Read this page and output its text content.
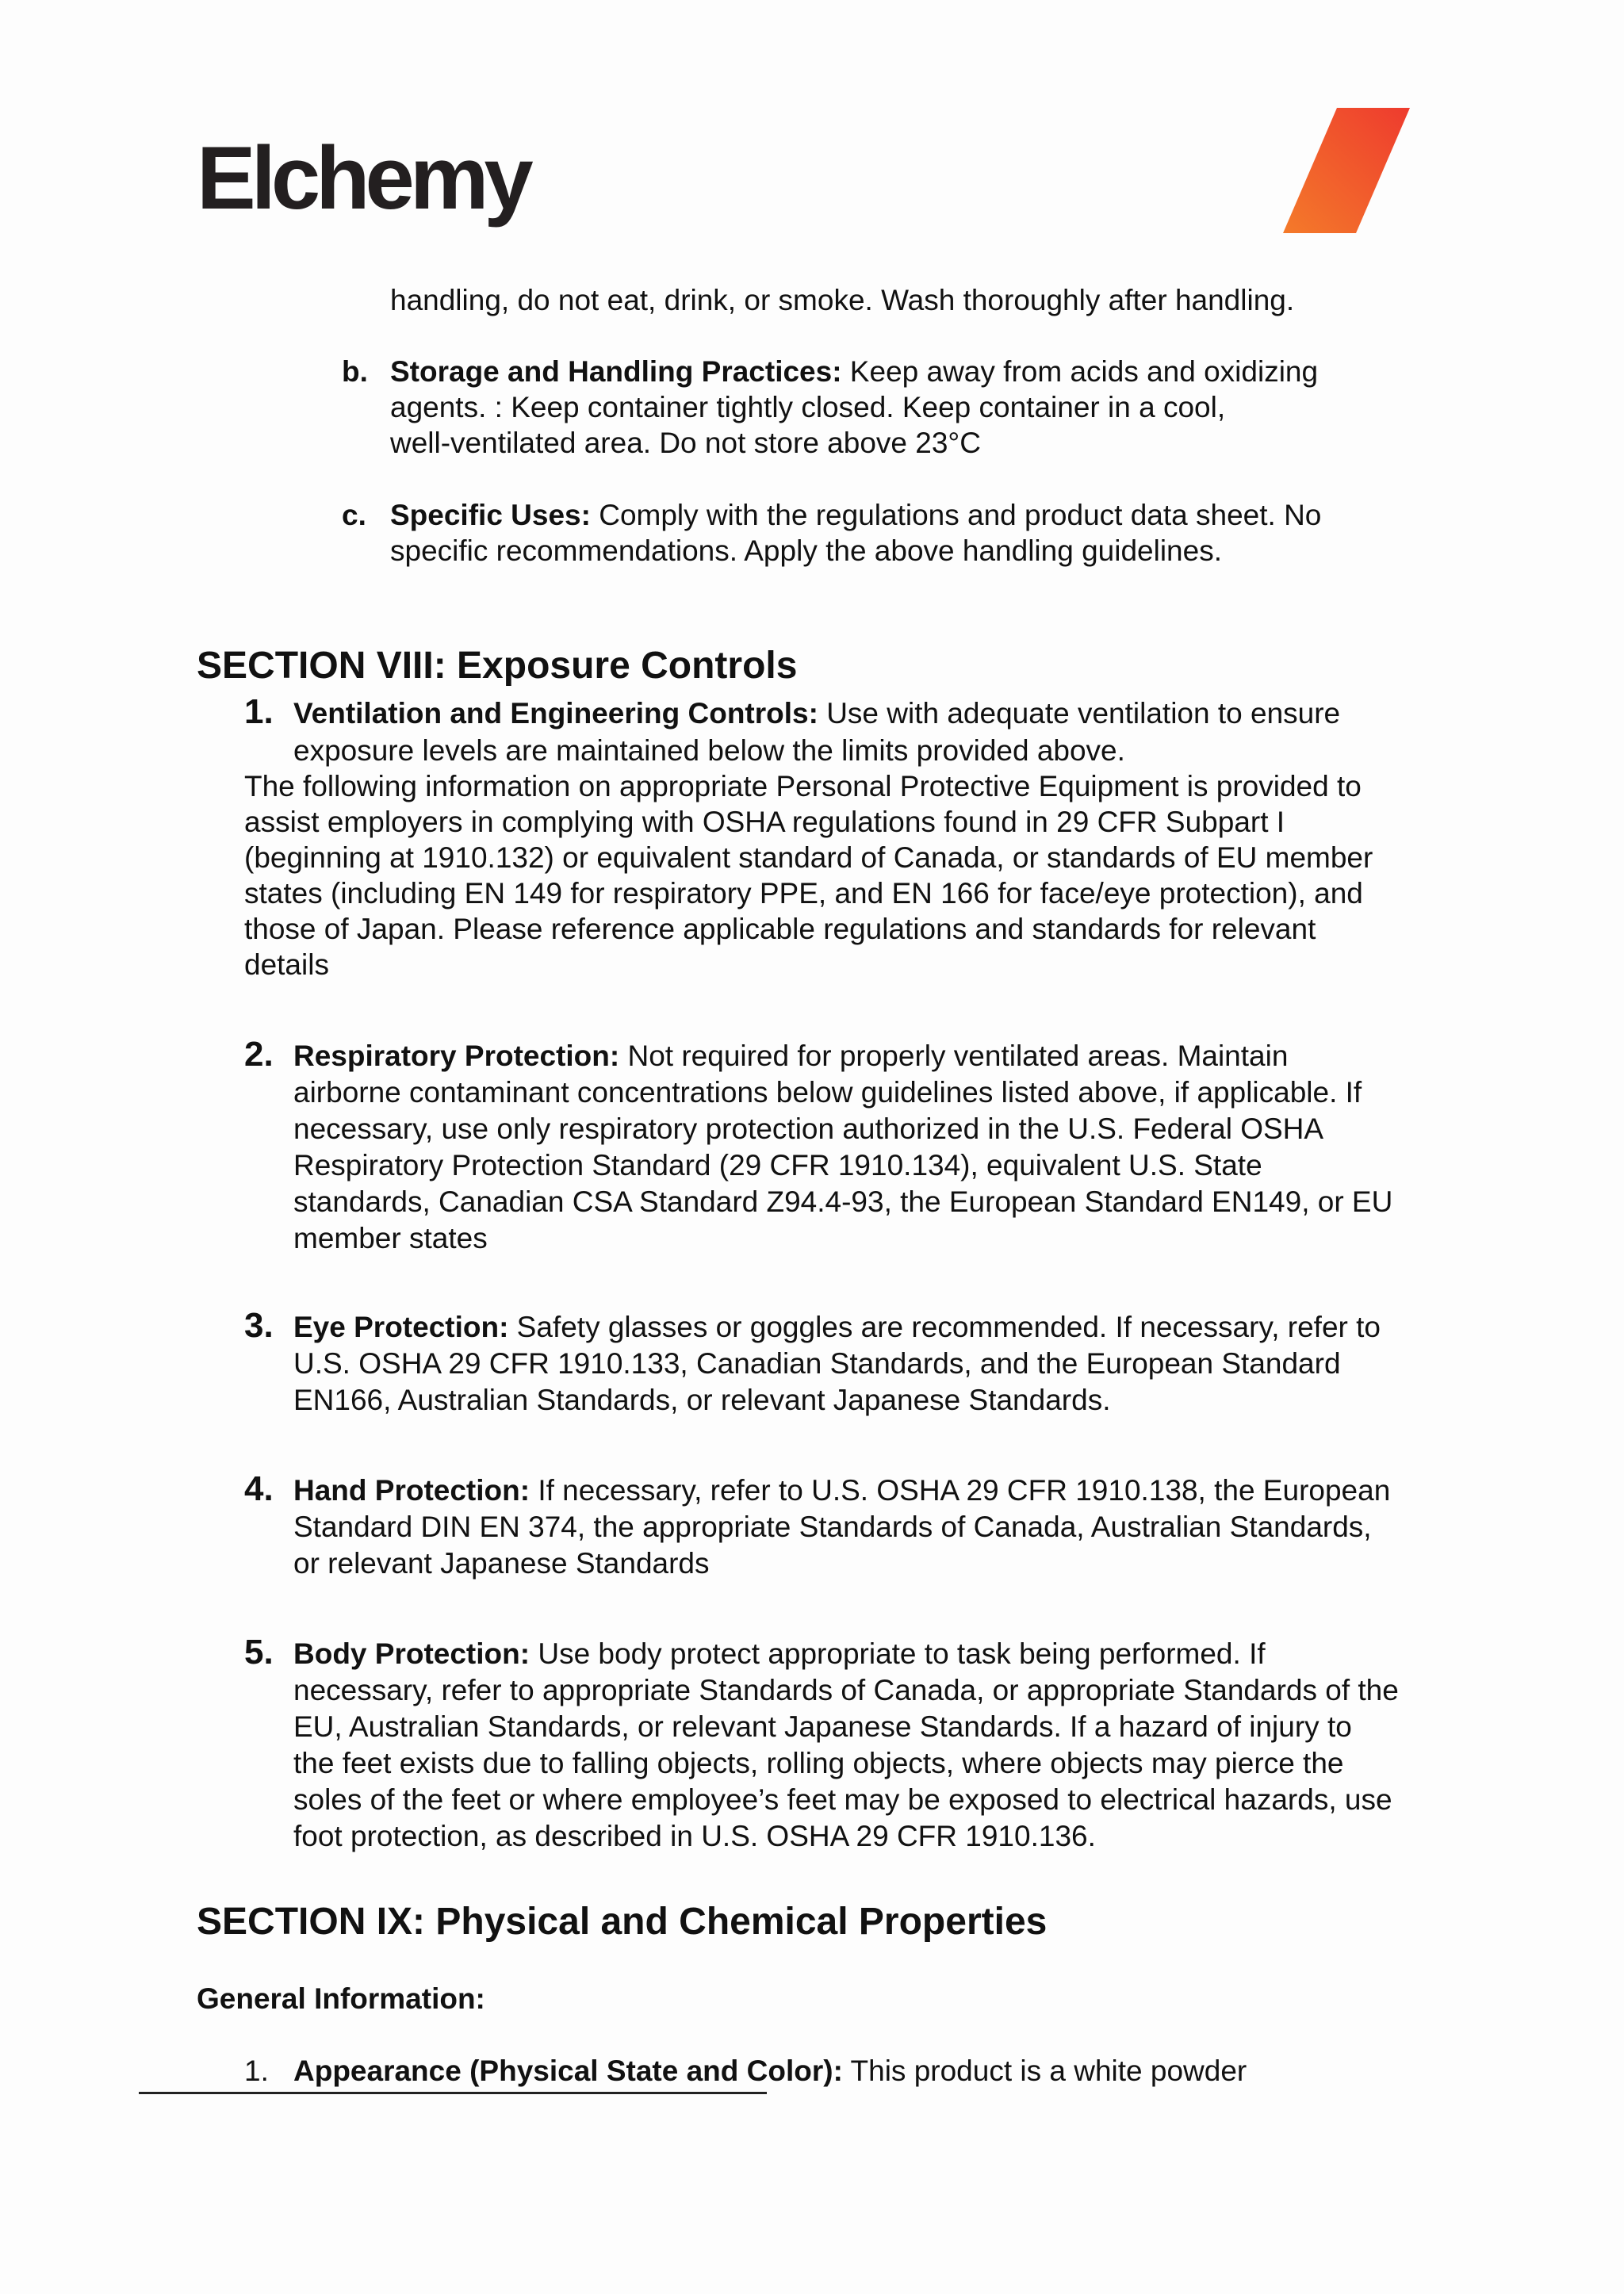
Elchemy
handling, do not eat, drink, or smoke. Wash thoroughly after handling.
b. Storage and Handling Practices: Keep away from acids and oxidizing
agents. : Keep container tightly closed. Keep container in a cool,
well-ventilated area. Do not store above 23°C
c. Specific Uses: Comply with the regulations and product data sheet. No
specific recommendations. Apply the above handling guidelines.
SECTION VIII: Exposure Controls
1. Ventilation and Engineering Controls: Use with adequate ventilation to ensure
exposure levels are maintained below the limits provided above.
The following information on appropriate Personal Protective Equipment is provided to
assist employers in complying with OSHA regulations found in 29 CFR Subpart I
(beginning at 1910.132) or equivalent standard of Canada, or standards of EU member
states (including EN 149 for respiratory PPE, and EN 166 for face/eye protection), and
those of Japan. Please reference applicable regulations and standards for relevant
details
2. Respiratory Protection: Not required for properly ventilated areas. Maintain
airborne contaminant concentrations below guidelines listed above, if applicable. If
necessary, use only respiratory protection authorized in the U.S. Federal OSHA
Respiratory Protection Standard (29 CFR 1910.134), equivalent U.S. State
standards, Canadian CSA Standard Z94.4-93, the European Standard EN149, or EU
member states
3. Eye Protection: Safety glasses or goggles are recommended. If necessary, refer to
U.S. OSHA 29 CFR 1910.133, Canadian Standards, and the European Standard
EN166, Australian Standards, or relevant Japanese Standards.
4. Hand Protection: If necessary, refer to U.S. OSHA 29 CFR 1910.138, the European
Standard DIN EN 374, the appropriate Standards of Canada, Australian Standards,
or relevant Japanese Standards
5. Body Protection: Use body protect appropriate to task being performed. If
necessary, refer to appropriate Standards of Canada, or appropriate Standards of the
EU, Australian Standards, or relevant Japanese Standards. If a hazard of injury to
the feet exists due to falling objects, rolling objects, where objects may pierce the
soles of the feet or where employee’s feet may be exposed to electrical hazards, use
foot protection, as described in U.S. OSHA 29 CFR 1910.136.
SECTION IX: Physical and Chemical Properties
General Information:
1. Appearance (Physical State and Color): This product is a white powder
